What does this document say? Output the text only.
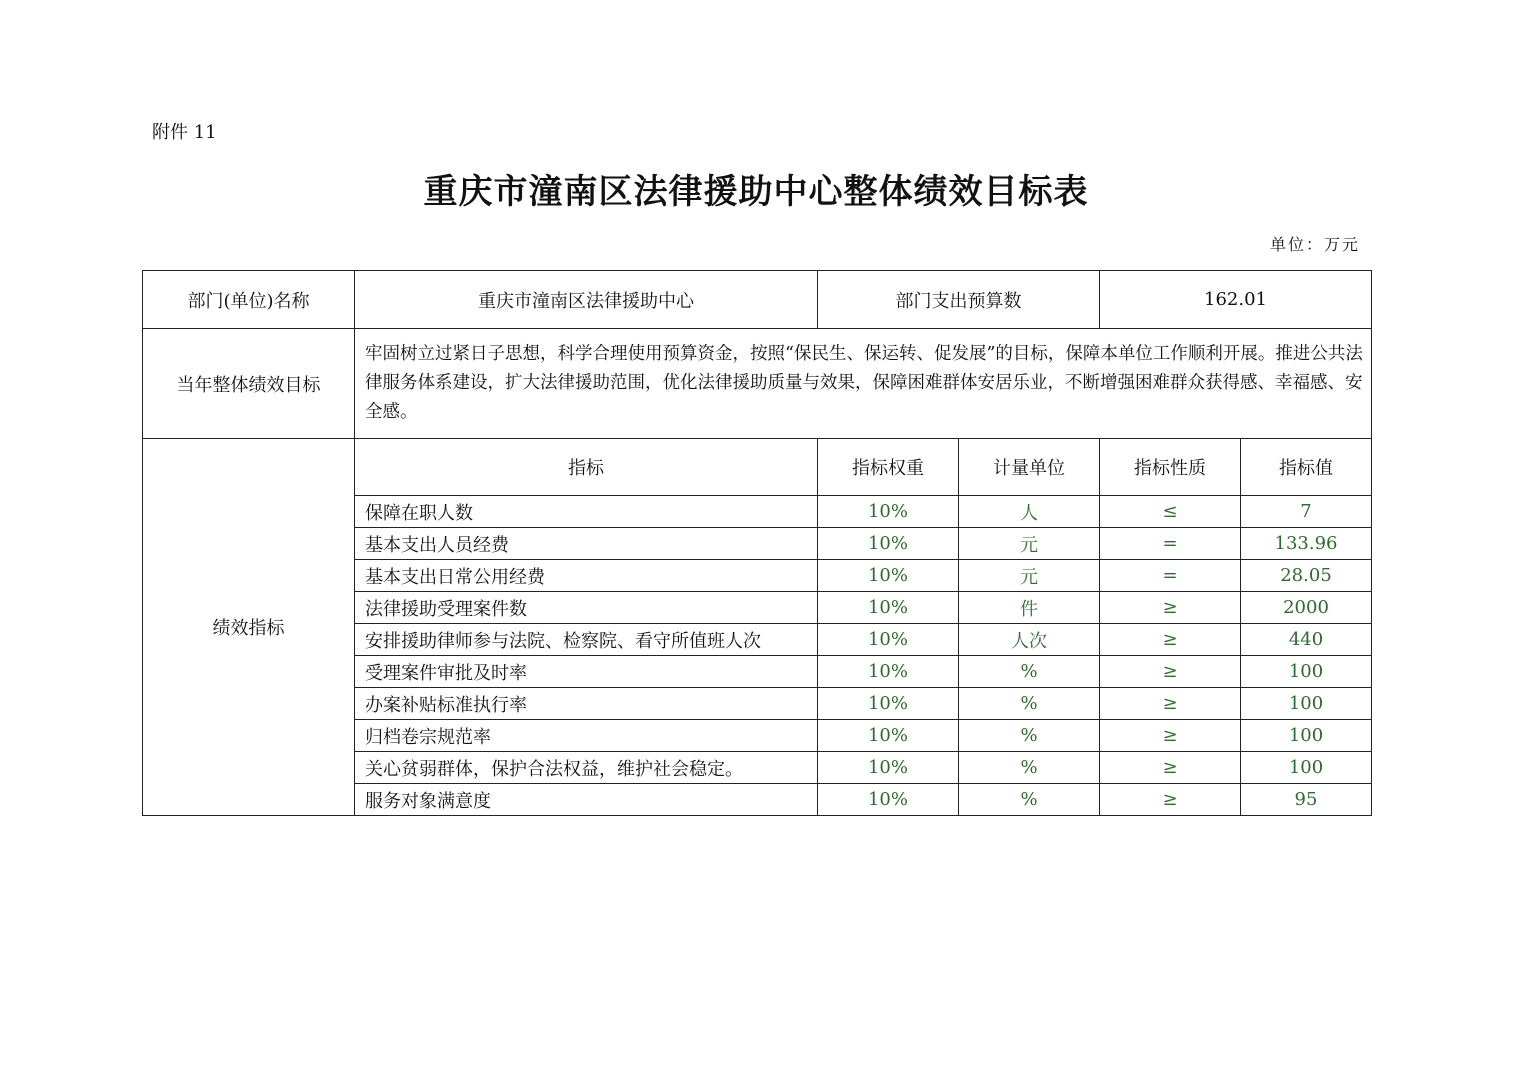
附件 11
重庆市潼南区法律援助中心整体绩效目标表
单位：万元
部门(单位)名称	重庆市潼南区法律援助中心	部门支出预算数		162.01	
当年整体绩效目标	牢固树立过紧日子思想，科学合理使用预算资金，按照“保民生、保运转、促发展”的目标，保障本单位工作顺利开展。推进公共法律服务体系建设，扩大法律援助范围，优化法律援助质量与效果，保障困难群体安居乐业，不断增强困难群众获得感、幸福感、安全感。				
绩效指标	指标	指标权重	计量单位	指标性质	指标值
	保障在职人数	10%	人	≤	7
	基本支出人员经费	10%	元	=	133.96
	基本支出日常公用经费	10%	元	=	28.05
	法律援助受理案件数	10%	件	≥	2000
	安排援助律师参与法院、检察院、看守所值班人次	10%	人次	≥	440
	受理案件审批及时率	10%	%	≥	100
	办案补贴标准执行率	10%	%	≥	100
	归档卷宗规范率	10%	%	≥	100
	关心贫弱群体，保护合法权益，维护社会稳定。	10%	%	≥	100
	服务对象满意度	10%	%	≥	95
